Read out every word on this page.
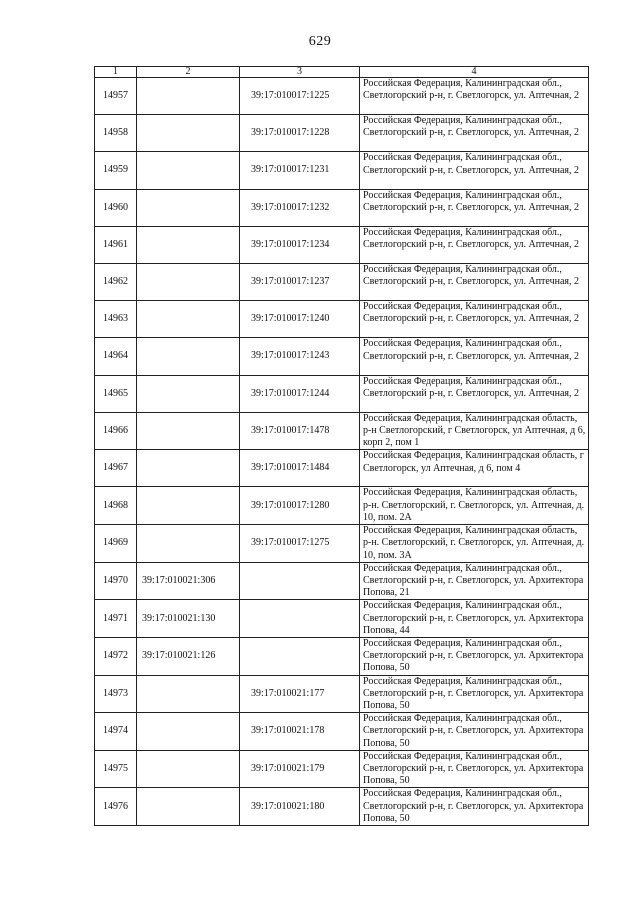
629
1	2	3	4
14957		39:17:010017:1225	Российская Федерация, Калининградская обл., Светлогорский р-н, г. Светлогорск, ул. Аптечная, 2
14958		39:17:010017:1228	Российская Федерация, Калининградская обл., Светлогорский р-н, г. Светлогорск, ул. Аптечная, 2
14959		39:17:010017:1231	Российская Федерация, Калининградская обл., Светлогорский р-н, г. Светлогорск, ул. Аптечная, 2
14960		39:17:010017:1232	Российская Федерация, Калининградская обл., Светлогорский р-н, г. Светлогорск, ул. Аптечная, 2
14961		39:17:010017:1234	Российская Федерация, Калининградская обл., Светлогорский р-н, г. Светлогорск, ул. Аптечная, 2
14962		39:17:010017:1237	Российская Федерация, Калининградская обл., Светлогорский р-н, г. Светлогорск, ул. Аптечная, 2
14963		39:17:010017:1240	Российская Федерация, Калининградская обл., Светлогорский р-н, г. Светлогорск, ул. Аптечная, 2
14964		39:17:010017:1243	Российская Федерация, Калининградская обл., Светлогорский р-н, г. Светлогорск, ул. Аптечная, 2
14965		39:17:010017:1244	Российская Федерация, Калининградская обл., Светлогорский р-н, г. Светлогорск, ул. Аптечная, 2
14966		39:17:010017:1478	Российская Федерация, Калининградская область, р-н Светлогорский, г Светлогорск, ул Аптечная, д 6, корп 2, пом 1
14967		39:17:010017:1484	Российская Федерация, Калининградская область, г Светлогорск, ул Аптечная, д 6, пом 4
14968		39:17:010017:1280	Российская Федерация, Калининградская область, р-н. Светлогорский, г. Светлогорск, ул. Аптечная, д. 10, пом. 2А
14969		39:17:010017:1275	Российская Федерация, Калининградская область, р-н. Светлогорский, г. Светлогорск, ул. Аптечная, д. 10, пом. 3А
14970	39:17:010021:306		Российская Федерация, Калининградская обл., Светлогорский р-н, г. Светлогорск, ул. Архитектора Попова, 21
14971	39:17:010021:130		Российская Федерация, Калининградская обл., Светлогорский р-н, г. Светлогорск, ул. Архитектора Попова, 44
14972	39:17:010021:126		Российская Федерация, Калининградская обл., Светлогорский р-н, г. Светлогорск, ул. Архитектора Попова, 50
14973		39:17:010021:177	Российская Федерация, Калининградская обл., Светлогорский р-н, г. Светлогорск, ул. Архитектора Попова, 50
14974		39:17:010021:178	Российская Федерация, Калининградская обл., Светлогорский р-н, г. Светлогорск, ул. Архитектора Попова, 50
14975		39:17:010021:179	Российская Федерация, Калининградская обл., Светлогорский р-н, г. Светлогорск, ул. Архитектора Попова, 50
14976		39:17:010021:180	Российская Федерация, Калининградская обл., Светлогорский р-н, г. Светлогорск, ул. Архитектора Попова, 50
